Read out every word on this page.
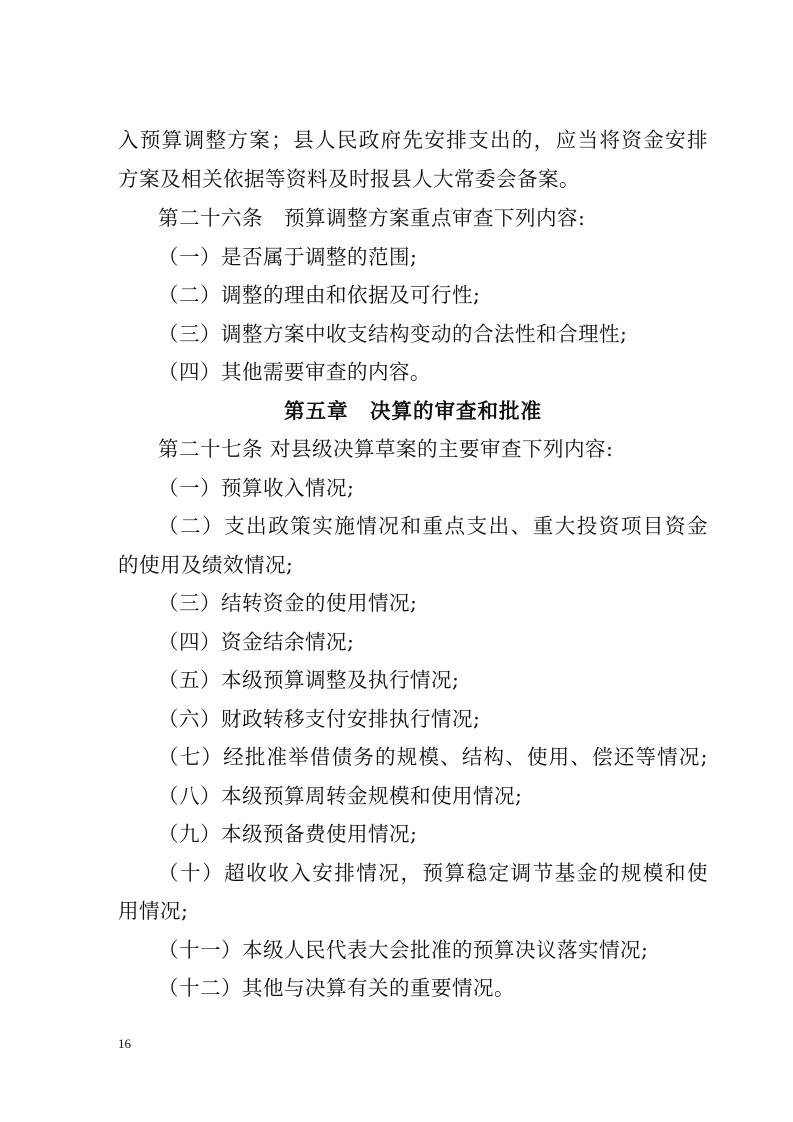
入预算调整方案；县人民政府先安排支出的，应当将资金安排
方案及相关依据等资料及时报县人大常委会备案。
第二十六条　预算调整方案重点审查下列内容:
（一）是否属于调整的范围;
（二）调整的理由和依据及可行性;
（三）调整方案中收支结构变动的合法性和合理性;
（四）其他需要审查的内容。
第五章　决算的审查和批准
第二十七条 对县级决算草案的主要审查下列内容:
（一）预算收入情况;
（二）支出政策实施情况和重点支出、重大投资项目资金
的使用及绩效情况;
（三）结转资金的使用情况;
（四）资金结余情况;
（五）本级预算调整及执行情况;
（六）财政转移支付安排执行情况;
（七）经批准举借债务的规模、结构、使用、偿还等情况;
（八）本级预算周转金规模和使用情况;
（九）本级预备费使用情况;
（十）超收收入安排情况，预算稳定调节基金的规模和使
用情况;
（十一）本级人民代表大会批准的预算决议落实情况;
（十二）其他与决算有关的重要情况。
16
